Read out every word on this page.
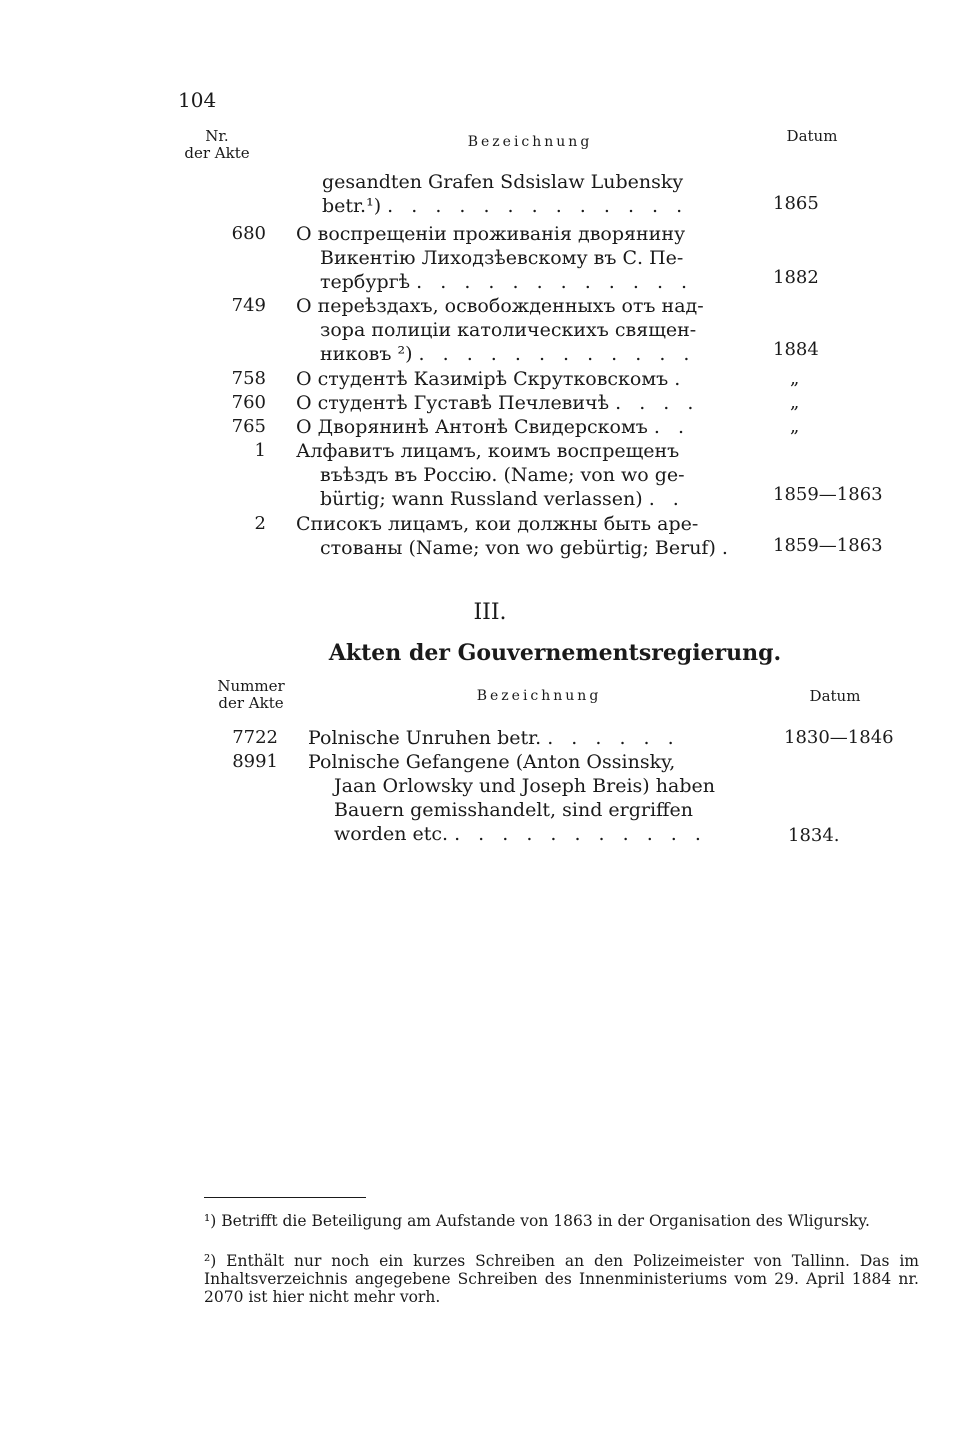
104
Nr.
der Akte
Bezeichnung	Datum
gesandten Grafen Sdsislaw Lubensky
betr.¹) . . . . . . . . . . . . .	1865
680 О воспрещеніи проживанія дворянину
Викентію Лиходзѣевскому въ С. Пе-
тербургѣ . . . . . . . . . . . .	1882
749 О переѣздахъ, освобожденныхъ отъ над-
зора полиціи католическихъ священ-
никовъ ²) . . . . . . . . . . . .	1884
758 О студентѣ Казимірѣ Скрутковскомъ .	„
760 О студентѣ Густавѣ Печлевичѣ . . . .	„
765 О Дворянинѣ Антонѣ Свидерскомъ . .	„
1 Алфавитъ лицамъ, коимъ воспрещенъ
въѣздъ въ Россію. (Name; von wo ge-
bürtig; wann Russland verlassen) . .	1859—1863
2 Списокъ лицамъ, кои должны быть аре-
стованы (Name; von wo gebürtig; Beruf) . 1859—1863
III.
Akten der Gouvernementsregierung.
Nummer
der Akte	Bezeichnung	Datum
7722 Polnische Unruhen betr. . . . . . .	1830—1846
8991 Polnische Gefangene (Anton Ossinsky,
Jaan Orlowsky und Joseph Breis) haben
Bauern gemisshandelt, sind ergriffen
worden etc. . . . . . . . . . . .	1834.
¹) Betrifft die Beteiligung am Aufstande von 1863 in der Organisation des Wligursky.
²) Enthält nur noch ein kurzes Schreiben an den Polizeimeister von Tallinn. Das im Inhaltsverzeichnis angegebene Schreiben des Innenministeriums vom 29. April 1884 nr. 2070 ist hier nicht mehr vorh.
